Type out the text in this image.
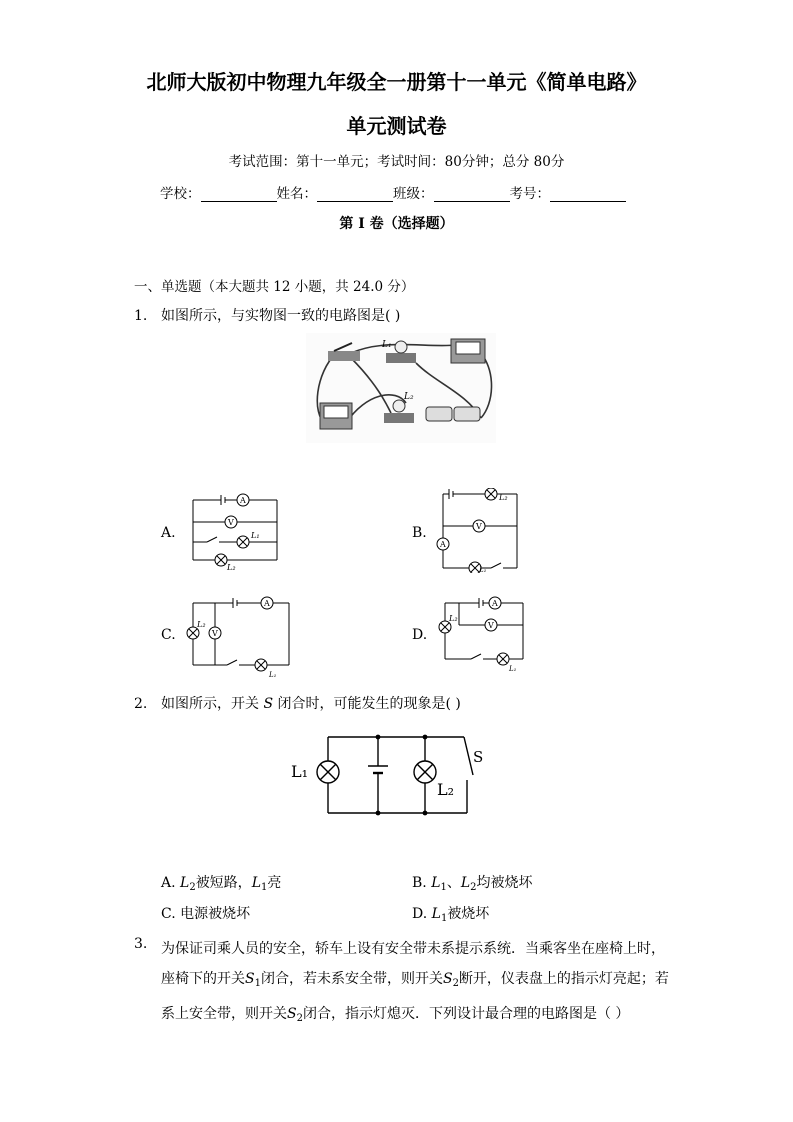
北师大版初中物理九年级全一册第十一单元《简单电路》
单元测试卷
考试范围：第十一单元；考试时间：80分钟；总分 80分
学校：	姓名：	班级：	考号：
第 I 卷（选择题）
一、单选题（本大题共 12 小题，共 24.0 分）
1. 如图所示，与实物图一致的电路图是( )
L₁
L₂
A.
A
V
L₁
L₂
B.
A
V
L₂
L₁
C.
A
V
L₂
L₁
D.
A
V
L₂
L₁
2. 如图所示，开关 S 闭合时，可能发生的现象是( )
L₁
L₂
S
A. $L_2$被短路，$L_1$亮	B. $L_1$、$L_2$均被烧坏
C. 电源被烧坏	D. $L_1$被烧坏
3. 为保证司乘人员的安全，轿车上设有安全带未系提示系统．当乘客坐在座椅上时，
座椅下的开关$S_1$闭合，若未系安全带，则开关$S_2$断开，仪表盘上的指示灯亮起；若
系上安全带，则开关$S_2$闭合，指示灯熄灭．下列设计最合理的电路图是（ ）
